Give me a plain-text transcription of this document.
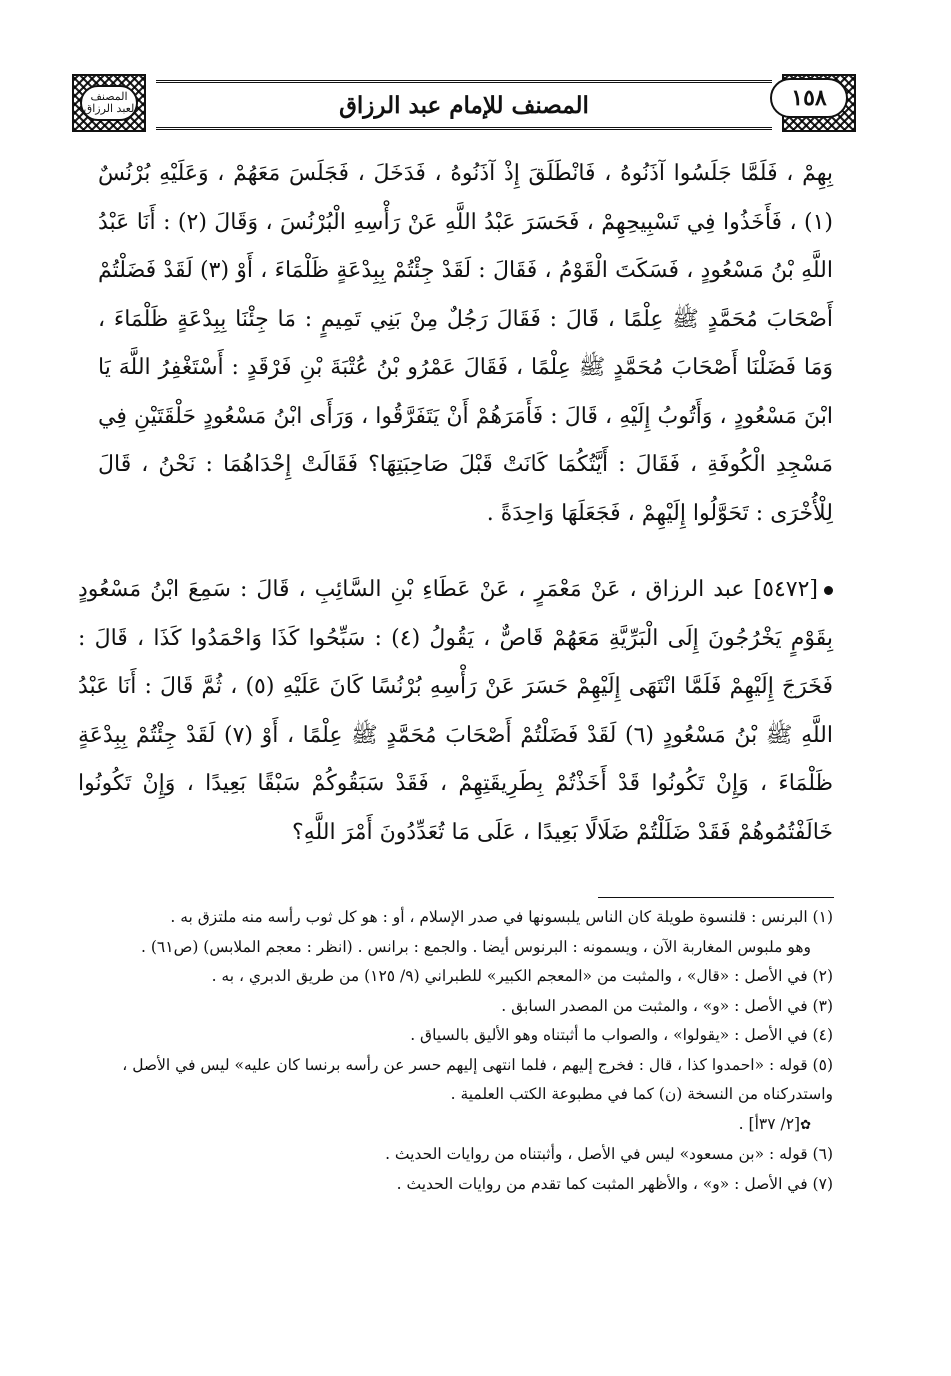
المصنف لعبد الرزاق	المصنف للإمام عبد الرزاق	١٥٨

بِهِمْ ، فَلَمَّا جَلَسُوا آذَنُوهُ ، فَانْطَلَقَ إِذْ آذَنُوهُ ، فَدَخَلَ ، فَجَلَسَ مَعَهُمْ ، وَعَلَيْهِ بُرْنُسٌ (١) ، فَأَخَذُوا فِي تَسْبِيحِهِمْ ، فَحَسَرَ عَبْدُ اللَّهِ عَنْ رَأْسِهِ الْبُرْنُسَ ، وَقَالَ (٢) : أَنَا عَبْدُ اللَّهِ بْنُ مَسْعُودٍ ، فَسَكَتَ الْقَوْمُ ، فَقَالَ : لَقَدْ جِئْتُمْ بِبِدْعَةٍ ظَلْمَاءَ ، أَوْ (٣) لَقَدْ فَضَلْتُمْ أَصْحَابَ مُحَمَّدٍ ﷺ عِلْمًا ، قَالَ : فَقَالَ رَجُلٌ مِنْ بَنِي تَمِيمٍ : مَا جِئْنَا بِبِدْعَةٍ ظَلْمَاءَ ، وَمَا فَضَلْنَا أَصْحَابَ مُحَمَّدٍ ﷺ عِلْمًا ، فَقَالَ عَمْرُو بْنُ عُتْبَةَ بْنِ فَرْقَدٍ : أَسْتَغْفِرُ اللَّهَ يَا ابْنَ مَسْعُودٍ ، وَأَتُوبُ إِلَيْهِ ، قَالَ : فَأَمَرَهُمْ أَنْ يَتَفَرَّقُوا ، وَرَأَى ابْنُ مَسْعُودٍ حَلْقَتَيْنِ فِي مَسْجِدِ الْكُوفَةِ ، فَقَالَ : أَيَّتُكُمَا كَانَتْ قَبْلَ صَاحِبَتِهَا؟ فَقَالَتْ إِحْدَاهُمَا : نَحْنُ ، قَالَ لِلْأُخْرَى : تَحَوَّلُوا إِلَيْهِمْ ، فَجَعَلَهَا وَاحِدَةً .

[٥٤٧٢] عبد الرزاق ، عَنْ مَعْمَرٍ ، عَنْ عَطَاءِ بْنِ السَّائِبِ ، قَالَ : سَمِعَ ابْنُ مَسْعُودٍ بِقَوْمٍ يَخْرُجُونَ إِلَى الْبَرِّيَّةِ مَعَهُمْ قَاصٌّ ، يَقُولُ (٤) : سَبِّحُوا كَذَا وَاحْمَدُوا كَذَا ، قَالَ : فَخَرَجَ إِلَيْهِمْ فَلَمَّا انْتَهَى إِلَيْهِمْ حَسَرَ عَنْ رَأْسِهِ بُرْنُسًا كَانَ عَلَيْهِ (٥) ، ثُمَّ قَالَ : أَنَا عَبْدُ اللَّهِ ﷺ بْنُ مَسْعُودٍ (٦) لَقَدْ فَضَلْتُمْ أَصْحَابَ مُحَمَّدٍ ﷺ عِلْمًا ، أَوْ (٧) لَقَدْ جِئْتُمْ بِبِدْعَةٍ ظَلْمَاءَ ، وَإِنْ تَكُونُوا قَدْ أَخَذْتُمْ بِطَرِيقَتِهِمْ ، فَقَدْ سَبَقُوكُمْ سَبْقًا بَعِيدًا ، وَإِنْ تَكُونُوا خَالَفْتُمُوهُمْ فَقَدْ ضَلَلْتُمْ ضَلَالًا بَعِيدًا ، عَلَى مَا تُعَدِّدُونَ أَمْرَ اللَّهِ؟

(١) البرنس : قلنسوة طويلة كان الناس يلبسونها في صدر الإسلام ، أو : هو كل ثوب رأسه منه ملتزق به .

وهو ملبوس المغاربة الآن ، ويسمونه : البرنوس أيضا . والجمع : برانس . (انظر : معجم الملابس) (ص٦١) .

(٢) في الأصل : «قال» ، والمثبت من «المعجم الكبير» للطبراني (٩/ ١٢٥) من طريق الدبري ، به .

(٣) في الأصل : «و» ، والمثبت من المصدر السابق .

(٤) في الأصل : «يقولوا» ، والصواب ما أثبتناه وهو الأليق بالسياق .

(٥) قوله : «احمدوا كذا ، قال : فخرج إليهم ، فلما انتهى إليهم حسر عن رأسه برنسا كان عليه» ليس في الأصل ، واستدركناه من النسخة (ن) كما في مطبوعة الكتب العلمية .

✿[٢/ ٣٧أ] .

(٦) قوله : «بن مسعود» ليس في الأصل ، وأثبتناه من روايات الحديث .

(٧) في الأصل : «و» ، والأظهر المثبت كما تقدم من روايات الحديث .
